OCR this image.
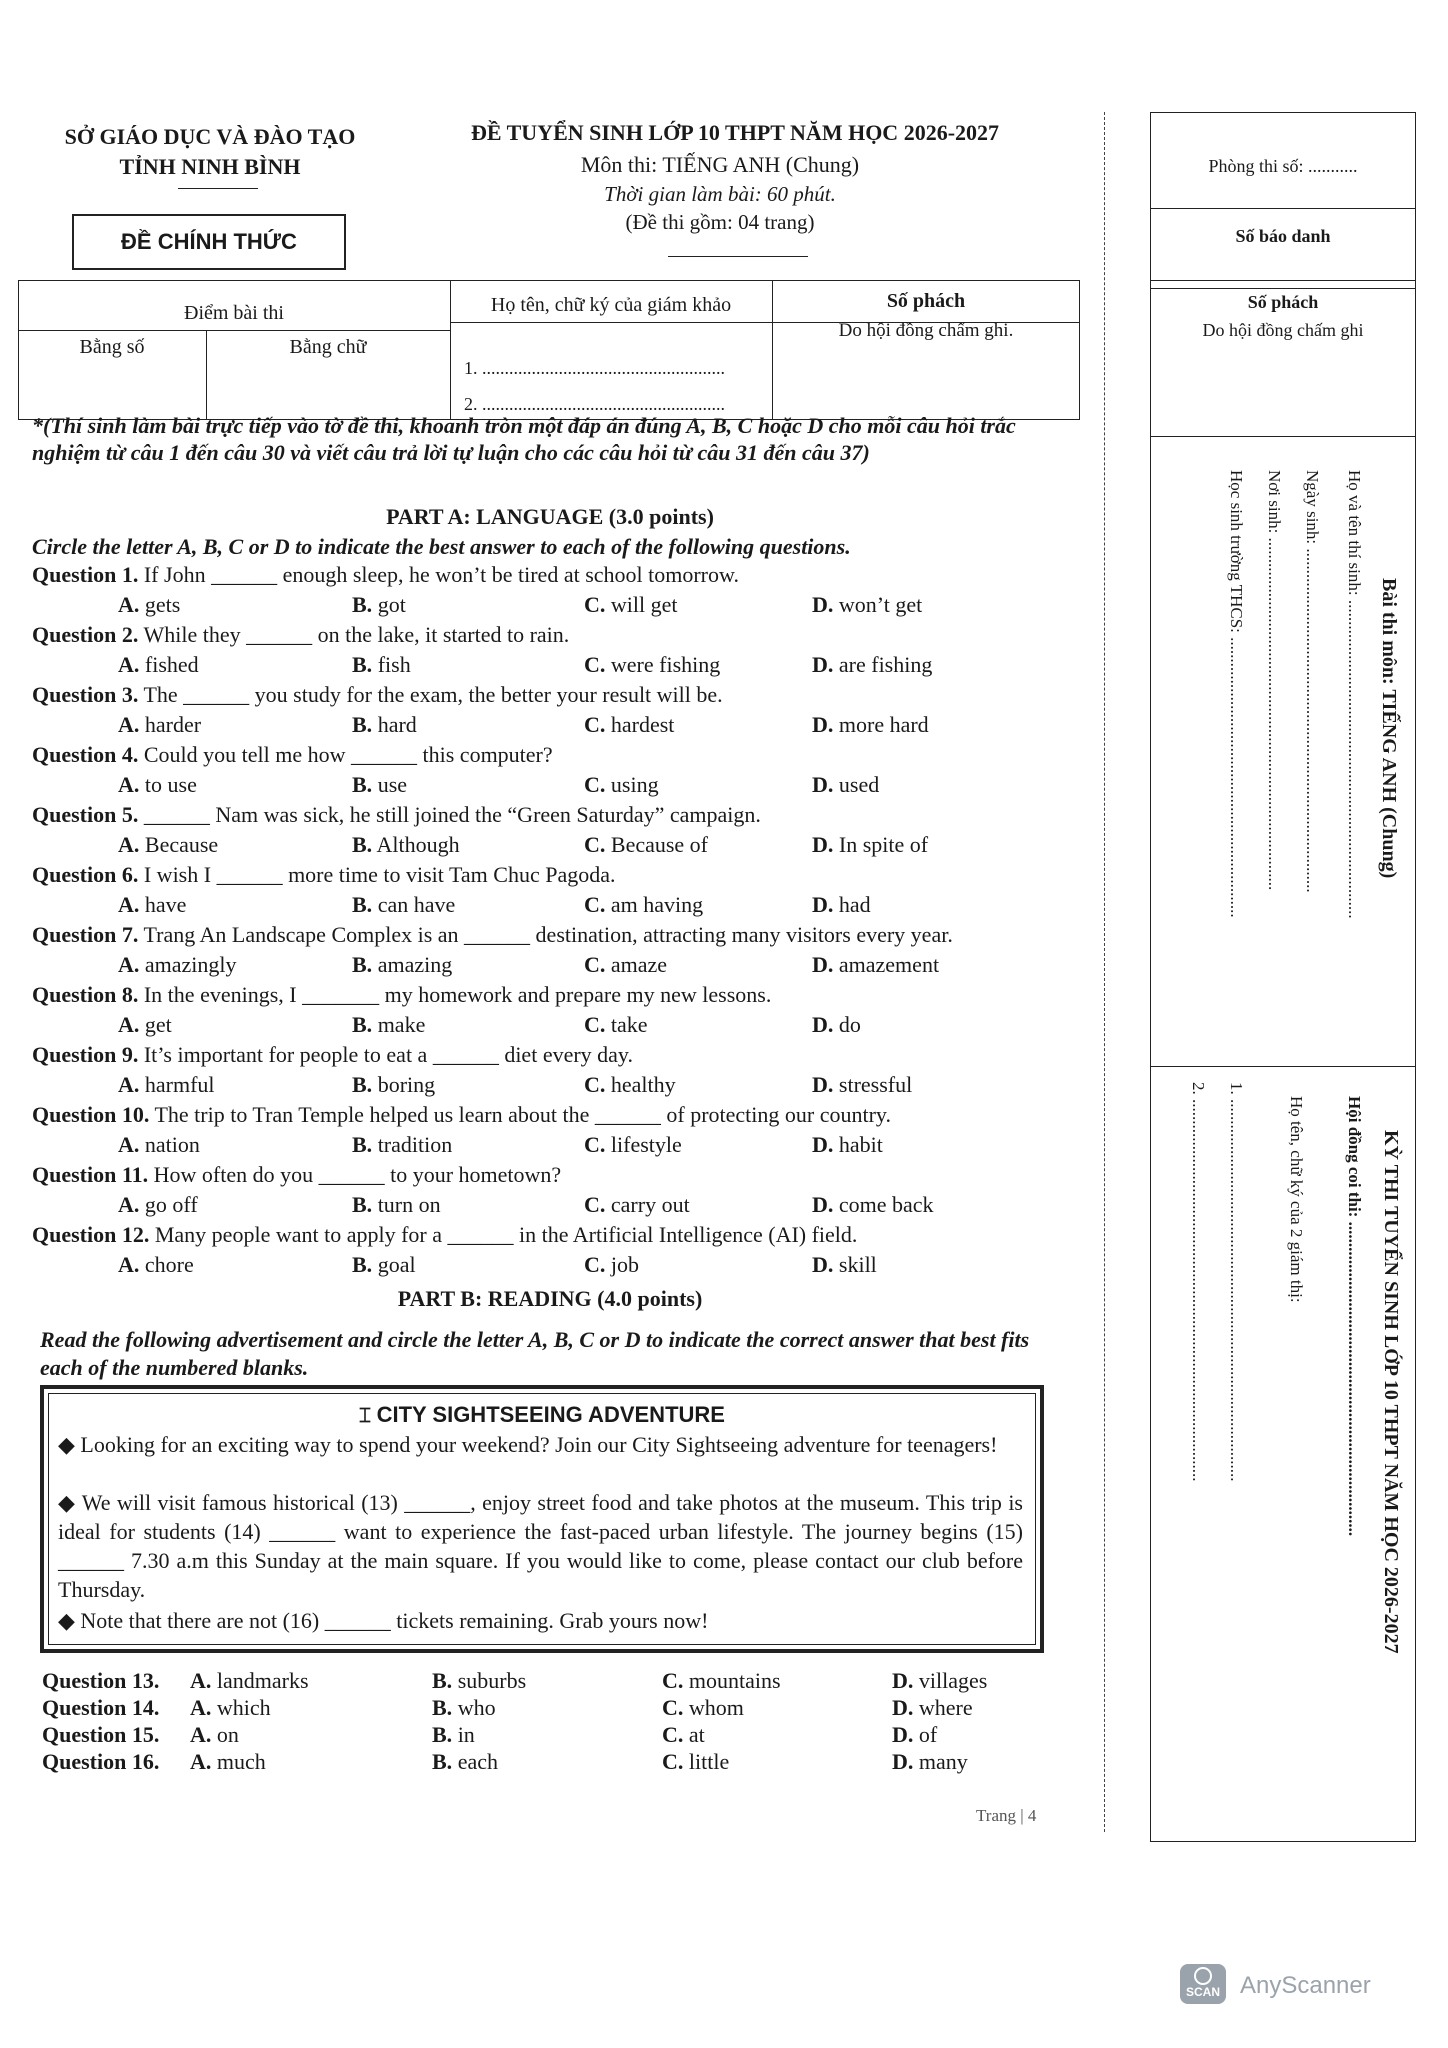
SỞ GIÁO DỤC VÀ ĐÀO TẠO
TỈNH NINH BÌNH
ĐỀ CHÍNH THỨC
ĐỀ TUYỂN SINH LỚP 10 THPT NĂM HỌC 2026-2027
Môn thi: TIẾNG ANH (Chung)
Thời gian làm bài: 60 phút.
(Đề thi gồm: 04 trang)
Điểm bài thi
Bằng số	Bằng chữ
Họ tên, chữ ký của giám khảo
1. ......................................................
2. ......................................................
Số phách
Do hội đồng chấm ghi.
Phòng thi số: ...........
Số báo danh
Số phách
Do hội đồng chấm ghi
Bài thi môn: TIẾNG ANH (Chung)
Họ và tên thí sinh: ...........................................................................
Ngày sinh: .................................................................................
Nơi sinh: ...................................................................................
Học sinh trường THCS: ..................................................................
KỲ THI TUYỂN SINH LỚP 10 THPT NĂM HỌC 2026-2027
Hội đồng coi thi: ..........................................................................
Họ tên, chữ ký của 2 giám thị:
1. ..........................................................................................
2. ..........................................................................................
*(Thí sinh làm bài trực tiếp vào tờ đề thi, khoanh tròn một đáp án đúng A, B, C hoặc D cho mỗi câu hỏi trắc nghiệm từ câu 1 đến câu 30 và viết câu trả lời tự luận cho các câu hỏi từ câu 31 đến câu 37)
PART A: LANGUAGE (3.0 points)
Circle the letter A, B, C or D to indicate the best answer to each of the following questions.
Question 1. If John ______ enough sleep, he won’t be tired at school tomorrow.
A. gets	B. got	C. will get	D. won’t get
Question 2. While they ______ on the lake, it started to rain.
A. fished	B. fish	C. were fishing	D. are fishing
Question 3. The ______ you study for the exam, the better your result will be.
A. harder	B. hard	C. hardest	D. more hard
Question 4. Could you tell me how ______ this computer?
A. to use	B. use	C. using	D. used
Question 5. ______ Nam was sick, he still joined the “Green Saturday” campaign.
A. Because	B. Although	C. Because of	D. In spite of
Question 6. I wish I ______ more time to visit Tam Chuc Pagoda.
A. have	B. can have	C. am having	D. had
Question 7. Trang An Landscape Complex is an ______ destination, attracting many visitors every year.
A. amazingly	B. amazing	C. amaze	D. amazement
Question 8. In the evenings, I _______ my homework and prepare my new lessons.
A. get	B. make	C. take	D. do
Question 9. It’s important for people to eat a ______ diet every day.
A. harmful	B. boring	C. healthy	D. stressful
Question 10. The trip to Tran Temple helped us learn about the ______ of protecting our country.
A. nation	B. tradition	C. lifestyle	D. habit
Question 11. How often do you ______ to your hometown?
A. go off	B. turn on	C. carry out	D. come back
Question 12. Many people want to apply for a ______ in the Artificial Intelligence (AI) field.
A. chore	B. goal	C. job	D. skill
PART B: READING (4.0 points)
Read the following advertisement and circle the letter A, B, C or D to indicate the correct answer that best fits each of the numbered blanks.
⌶ CITY SIGHTSEEING ADVENTURE
◆ Looking for an exciting way to spend your weekend? Join our City Sightseeing adventure for teenagers!
◆ We will visit famous historical (13) ______, enjoy street food and take photos at the museum. This trip is ideal for students (14) ______ want to experience the fast-paced urban lifestyle. The journey begins (15) ______ 7.30 a.m this Sunday at the main square. If you would like to come, please contact our club before Thursday.
◆ Note that there are not (16) ______ tickets remaining. Grab yours now!
Question 13. A. landmarks	B. suburbs	C. mountains	D. villages
Question 14. A. which	B. who	C. whom	D. where
Question 15. A. on	B. in	C. at	D. of
Question 16. A. much	B. each	C. little	D. many
Trang | 4
SCAN AnyScanner
